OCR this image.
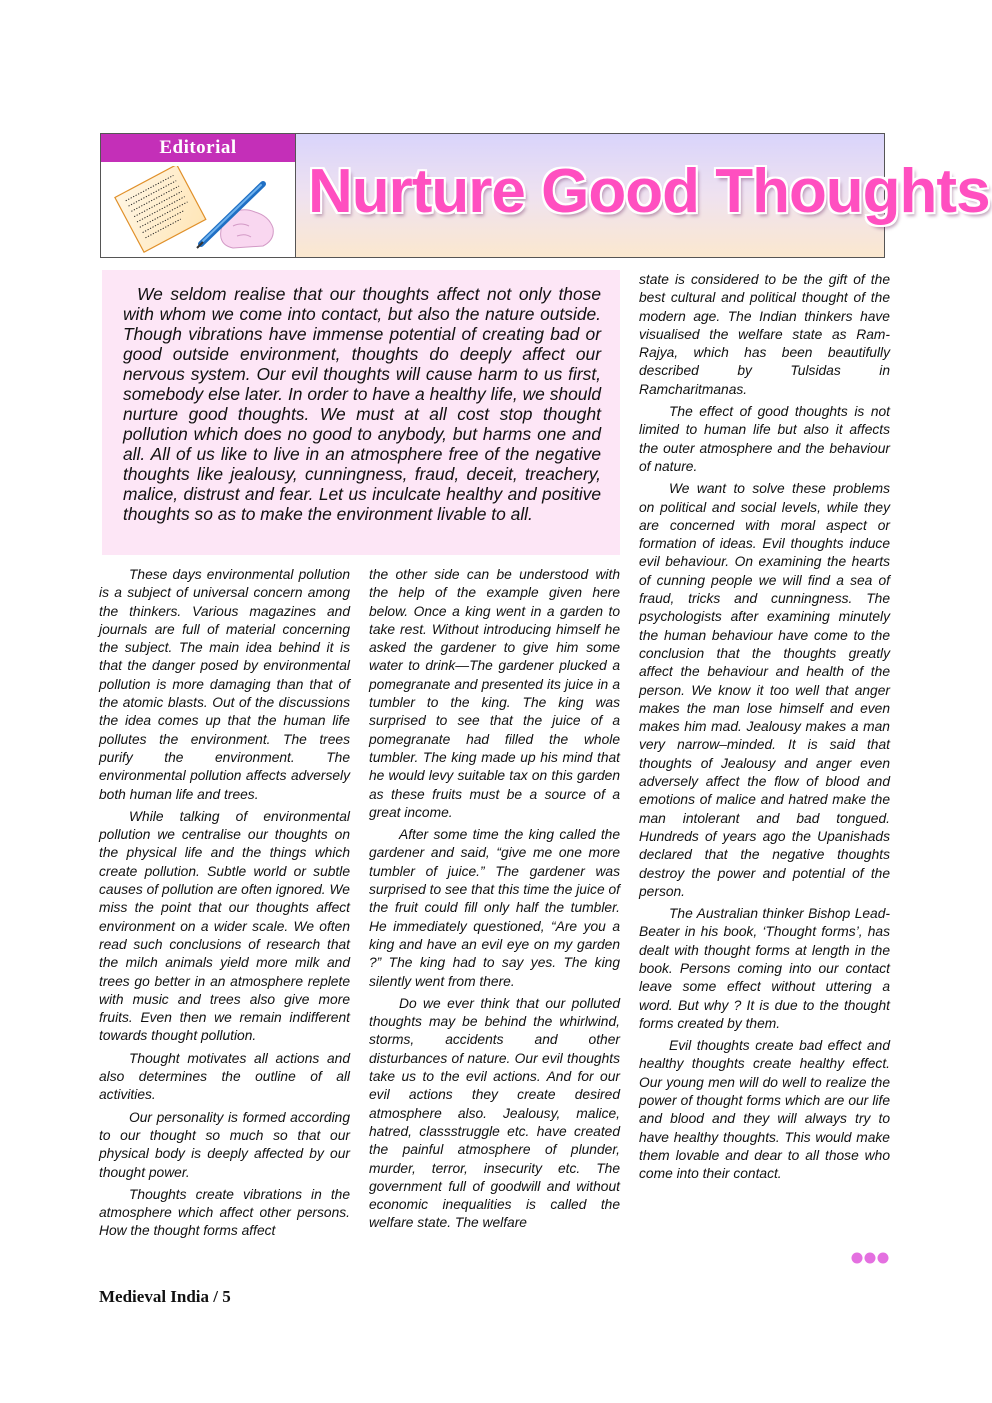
Editorial
Nurture Good Thoughts

We seldom realise that our thoughts affect not only those with whom we come into contact, but also the nature outside. Though vibrations have immense potential of creating bad or good outside environment, thoughts do deeply affect our nervous system. Our evil thoughts will cause harm to us first, somebody else later. In order to have a healthy life, we should nurture good thoughts. We must at all cost stop thought pollution which does no good to anybody, but harms one and all. All of us like to live in an atmosphere free of the negative thoughts like jealousy, cunningness, fraud, deceit, treachery, malice, distrust and fear. Let us inculcate healthy and positive thoughts so as to make the environment livable to all.

These days environmental pollution is a subject of universal concern among the thinkers. Various magazines and journals are full of material concerning the subject. The main idea behind it is that the danger posed by environmental pollution is more damaging than that of the atomic blasts. Out of the discussions the idea comes up that the human life pollutes the environment. The trees purify the environment. The environmental pollution affects adversely both human life and trees.

While talking of environmental pollution we centralise our thoughts on the physical life and the things which create pollution. Subtle world or subtle causes of pollution are often ignored. We miss the point that our thoughts affect environment on a wider scale. We often read such conclusions of research that the milch animals yield more milk and trees go better in an atmosphere replete with music and trees also give more fruits. Even then we remain indifferent towards thought pollution.

Thought motivates all actions and also determines the outline of all activities.

Our personality is formed according to our thought so much so that our physical body is deeply affected by our thought power.

Thoughts create vibrations in the atmosphere which affect other persons. How the thought forms affect

the other side can be understood with the help of the example given here below. Once a king went in a garden to take rest. Without introducing himself he asked the gardener to give him some water to drink—The gardener plucked a pomegranate and presented its juice in a tumbler to the king. The king was surprised to see that the juice of a pomegranate had filled the whole tumbler. The king made up his mind that he would levy suitable tax on this garden as these fruits must be a source of a great income.

After some time the king called the gardener and said, “give me one more tumbler of juice.” The gardener was surprised to see that this time the juice of the fruit could fill only half the tumbler. He immediately questioned, “Are you a king and have an evil eye on my garden ?” The king had to say yes. The king silently went from there.

Do we ever think that our polluted thoughts may be behind the whirlwind, storms, accidents and other disturbances of nature. Our evil thoughts take us to the evil actions. And for our evil actions they create desired atmosphere also. Jealousy, malice, hatred, classstruggle etc. have created the painful atmosphere of plunder, murder, terror, insecurity etc. The government full of goodwill and without economic inequalities is called the welfare state. The welfare

state is considered to be the gift of the best cultural and political thought of the modern age. The Indian thinkers have visualised the welfare state as Ram-Rajya, which has been beautifully described by Tulsidas in Ramcharitmanas.

The effect of good thoughts is not limited to human life but also it affects the outer atmosphere and the behaviour of nature.

We want to solve these problems on political and social levels, while they are concerned with moral aspect or formation of ideas. Evil thoughts induce evil behaviour. On examining the hearts of cunning people we will find a sea of fraud, tricks and cunningness. The psychologists after examining minutely the human behaviour have come to the conclusion that the thoughts greatly affect the behaviour and health of the person. We know it too well that anger makes the man lose himself and even makes him mad. Jealousy makes a man very narrow–minded. It is said that thoughts of Jealousy and anger even adversely affect the flow of blood and emotions of malice and hatred make the man intolerant and bad tongued. Hundreds of years ago the Upanishads declared that the negative thoughts destroy the power and potential of the person.

The Australian thinker Bishop Lead-Beater in his book, ‘Thought forms’, has dealt with thought forms at length in the book. Persons coming into our contact leave some effect without uttering a word. But why ? It is due to the thought forms created by them.

Evil thoughts create bad effect and healthy thoughts create healthy effect. Our young men will do well to realize the power of thought forms which are our life and blood and they will always try to have healthy thoughts. This would make them lovable and dear to all those who come into their contact.

Medieval India / 5
